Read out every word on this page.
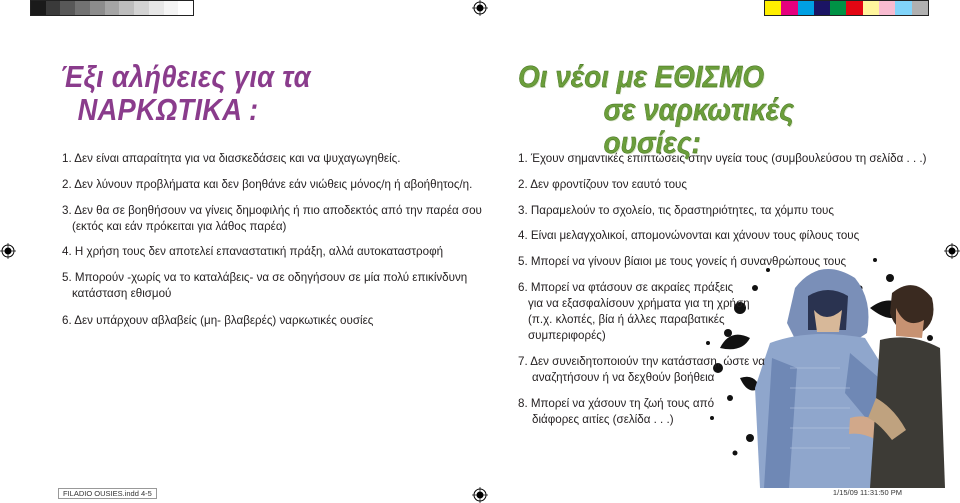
Έξι αλήθειες για τα
ΝΑΡΚΩΤΙΚΑ :
1. Δεν είναι απαραίτητα για να διασκεδάσεις και να ψυχαγωγηθείς.
2. Δεν λύνουν προβλήματα και δεν βοηθάνε εάν νιώθεις μόνος/η ή αβοήθητος/η.
3. Δεν θα σε βοηθήσουν να γίνεις δημοφιλής ή πιο αποδεκτός από την παρέα σου
(εκτός και εάν πρόκειται για λάθος παρέα)
4. Η χρήση τους δεν αποτελεί επαναστατική πράξη, αλλά αυτοκαταστροφή
5. Μπορούν -χωρίς να το καταλάβεις- να σε οδηγήσουν σε μία πολύ επικίνδυνη
κατάσταση εθισμού
6. Δεν υπάρχουν αβλαβείς (μη- βλαβερές) ναρκωτικές ουσίες
Οι νέοι με ΕΘΙΣΜΟ
σε ναρκωτικές ουσίες:
1. Έχουν σημαντικές επιπτώσεις στην υγεία τους (συμβουλεύσου τη σελίδα . . .)
2. Δεν φροντίζουν τον εαυτό τους
3. Παραμελούν το σχολείο, τις δραστηριότητες, τα χόμπυ τους
4. Είναι μελαγχολικοί, απομονώνονται και χάνουν τους φίλους τους
5. Μπορεί να γίνουν βίαιοι με τους γονείς ή συνανθρώπους τους
6. Μπορεί να φτάσουν σε ακραίες πράξεις
για να εξασφαλίσουν χρήματα για τη χρήση
(π.χ. κλοπές, βία ή άλλες παραβατικές
συμπεριφορές)
7. Δεν συνειδητοποιούν την κατάσταση, ώστε να
αναζητήσουν ή να δεχθούν βοήθεια
8. Μπορεί να χάσουν τη ζωή τους από
διάφορες αιτίες (σελίδα . . .)
FILADIO OUSIES.indd 4-5	1/15/09 11:31:50 PM
